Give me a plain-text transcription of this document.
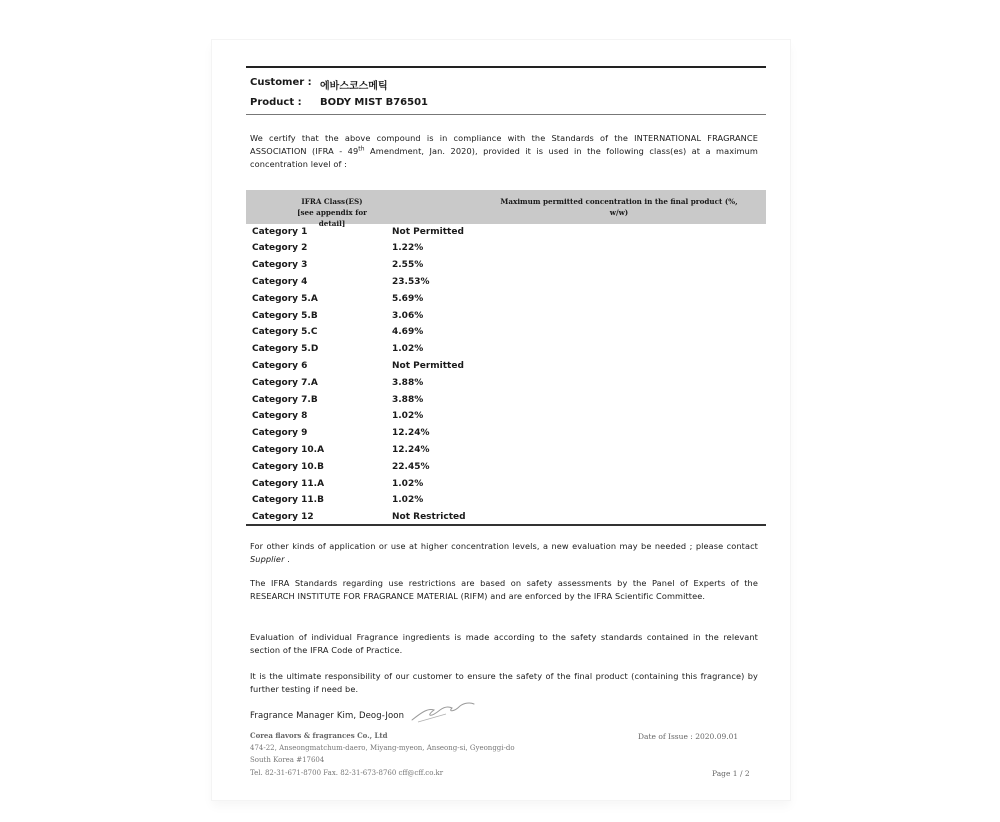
Customer : 에바스코스메틱
Product :	BODY MIST B76501
We certify that the above compound is in compliance with the Standards of the INTERNATIONAL FRAGRANCE ASSOCIATION (IFRA - 49th Amendment, Jan. 2020), provided it is used in the following class(es) at a maximum concentration level of :
IFRA Class(ES)
[see appendix for detail]
Maximum permitted concentration in the final product (%,
w/w)
Category 1	Not Permitted
Category 2	1.22%
Category 3	2.55%
Category 4	23.53%
Category 5.A	5.69%
Category 5.B	3.06%
Category 5.C	4.69%
Category 5.D	1.02%
Category 6	Not Permitted
Category 7.A	3.88%
Category 7.B	3.88%
Category 8	1.02%
Category 9	12.24%
Category 10.A	12.24%
Category 10.B	22.45%
Category 11.A	1.02%
Category 11.B	1.02%
Category 12	Not Restricted
For other kinds of application or use at higher concentration levels, a new evaluation may be needed ; please contact Supplier .
The IFRA Standards regarding use restrictions are based on safety assessments by the Panel of Experts of the RESEARCH INSTITUTE FOR FRAGRANCE MATERIAL (RIFM) and are enforced by the IFRA Scientific Committee.
Evaluation of individual Fragrance ingredients is made according to the safety standards contained in the relevant section of the IFRA Code of Practice.
It is the ultimate responsibility of our customer to ensure the safety of the final product (containing this fragrance) by further testing if need be.
Fragrance Manager Kim, Deog-Joon
Corea flavors & fragrances Co., Ltd
474-22, Anseongmatchum-daero, Miyang-myeon, Anseong-si, Gyeonggi-do
South Korea #17604
Tel. 82-31-671-8700 Fax. 82-31-673-8760 cff@cff.co.kr
Date of Issue : 2020.09.01
Page 1 / 2
